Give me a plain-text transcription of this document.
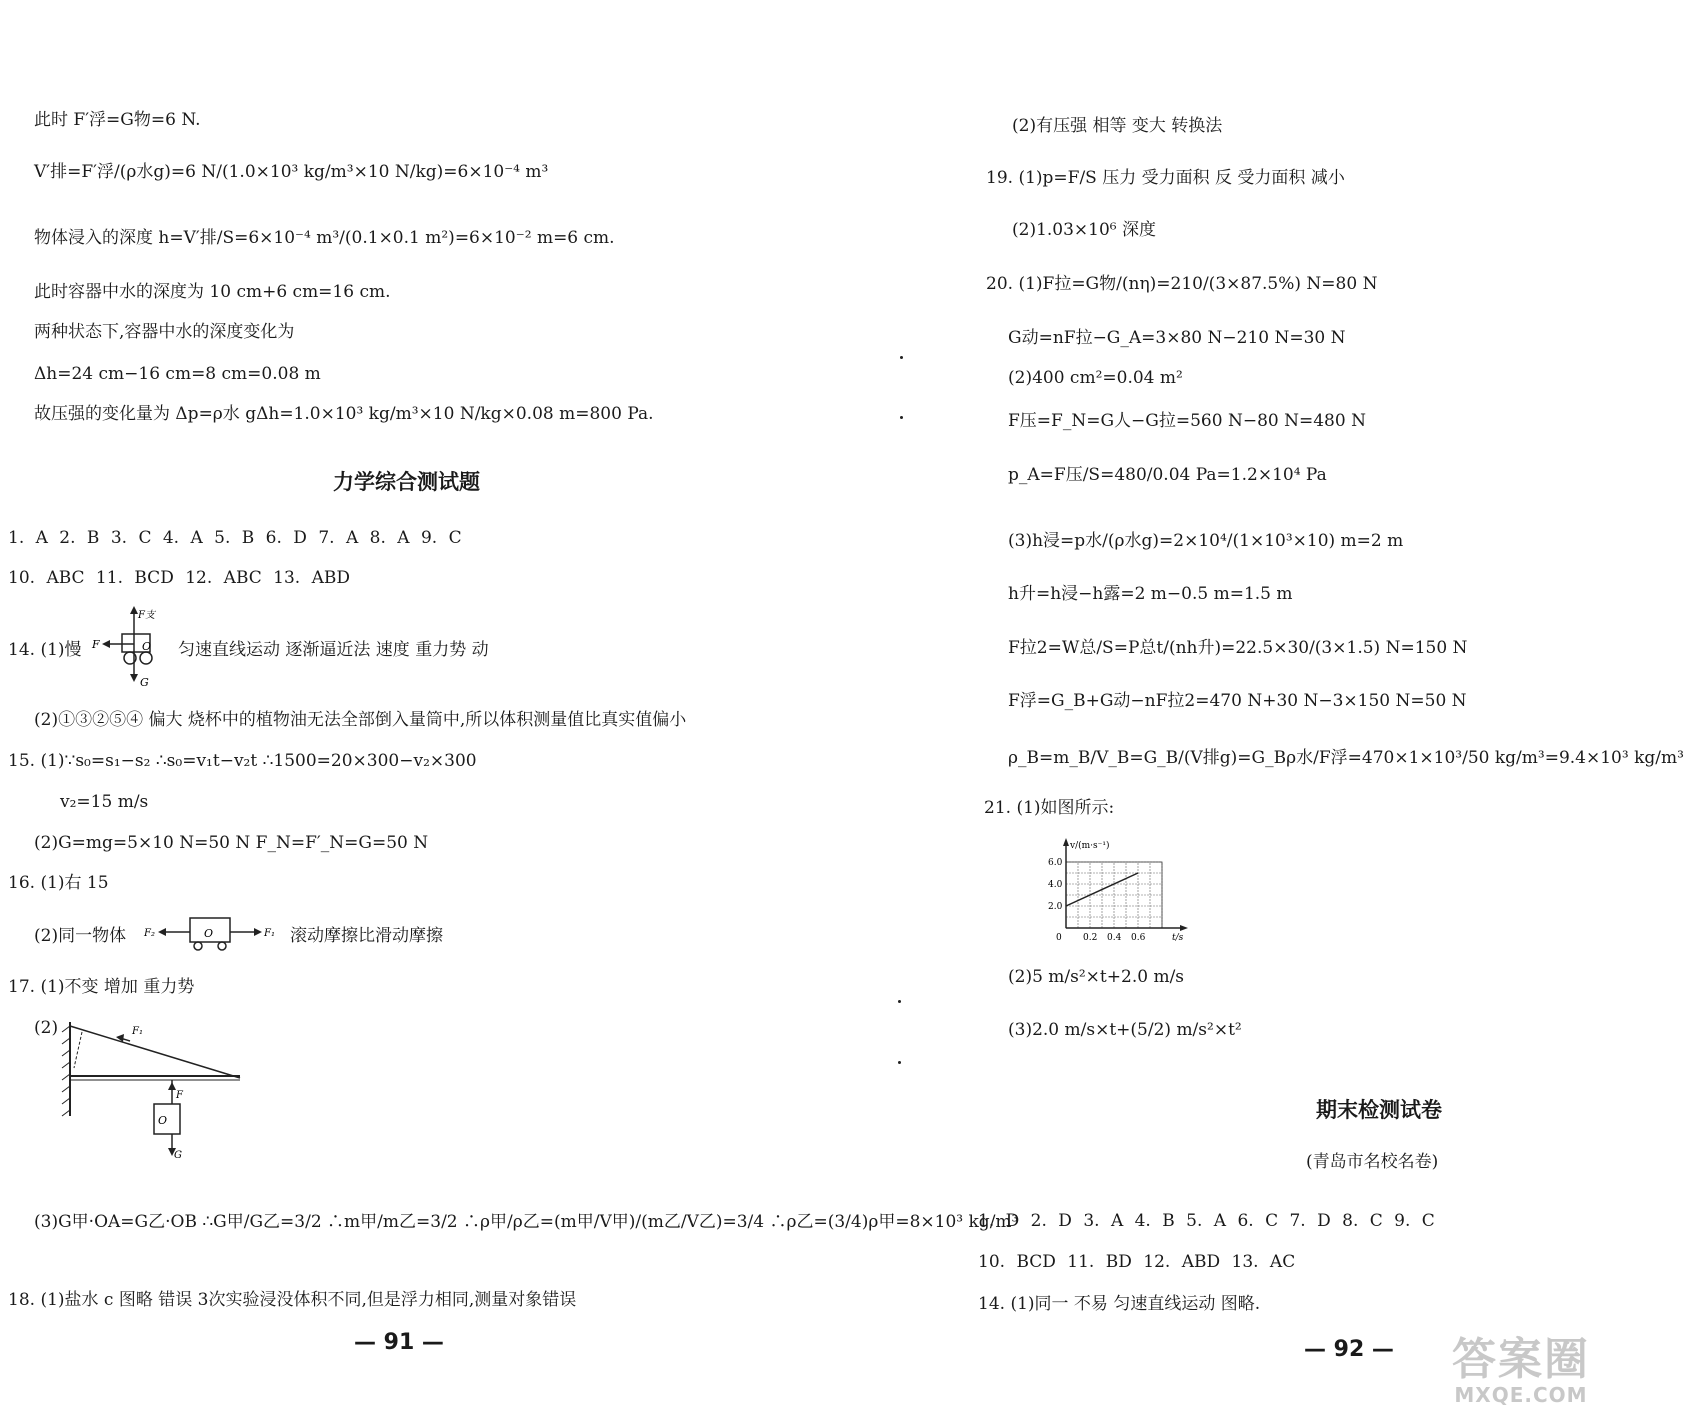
此时 F′浮=G物=6 N.
V′排=F′浮/(ρ水g)=6 N/(1.0×10³ kg/m³×10 N/kg)=6×10⁻⁴ m³
物体浸入的深度 h=V′排/S=6×10⁻⁴ m³/(0.1×0.1 m²)=6×10⁻² m=6 cm.
此时容器中水的深度为 10 cm+6 cm=16 cm.
两种状态下,容器中水的深度变化为
Δh=24 cm−16 cm=8 cm=0.08 m
故压强的变化量为 Δp=ρ水 gΔh=1.0×10³ kg/m³×10 N/kg×0.08 m=800 Pa.
力学综合测试题
1. A 2. B 3. C 4. A 5. B 6. D 7. A 8. A 9. C
10. ABC 11. BCD 12. ABC 13. ABD
14. (1)慢
F支
F	O
G
匀速直线运动 逐渐逼近法 速度 重力势 动
(2)①③②⑤④ 偏大 烧杯中的植物油无法全部倒入量筒中,所以体积测量值比真实值偏小
15. (1)∵s₀=s₁−s₂ ∴s₀=v₁t−v₂t ∴1500=20×300−v₂×300
v₂=15 m/s
(2)G=mg=5×10 N=50 N F_N=F′_N=G=50 N
16. (1)右 15
(2)同一物体 F₂	O	F₁ 滚动摩擦比滑动摩擦
17. (1)不变 增加 重力势
(2)	F₁
F
O
G
(3)G甲·OA=G乙·OB ∴G甲/G乙=3/2 ∴m甲/m乙=3/2 ∴ρ甲/ρ乙=(m甲/V甲)/(m乙/V乙)=3/4 ∴ρ乙=(3/4)ρ甲=8×10³ kg/m³
18. (1)盐水 c 图略 错误 3次实验浸没体积不同,但是浮力相同,测量对象错误
— 91 —
(2)有压强 相等 变大 转换法
19. (1)p=F/S 压力 受力面积 反 受力面积 减小
(2)1.03×10⁶ 深度
20. (1)F拉=G物/(nη)=210/(3×87.5%) N=80 N
G动=nF拉−G_A=3×80 N−210 N=30 N
(2)400 cm²=0.04 m²
F压=F_N=G人−G拉=560 N−80 N=480 N
p_A=F压/S=480/0.04 Pa=1.2×10⁴ Pa
(3)h浸=p水/(ρ水g)=2×10⁴/(1×10³×10) m=2 m
h升=h浸−h露=2 m−0.5 m=1.5 m
F拉2=W总/S=P总t/(nh升)=22.5×30/(3×1.5) N=150 N
F浮=G_B+G动−nF拉2=470 N+30 N−3×150 N=50 N
ρ_B=m_B/V_B=G_B/(V排g)=G_Bρ水/F浮=470×1×10³/50 kg/m³=9.4×10³ kg/m³
21. (1)如图所示:
0 0.2 0.4 0.6
2.0
4.0
6.0
v/(m·s⁻¹)
t/s
(2)5 m/s²×t+2.0 m/s
(3)2.0 m/s×t+(5/2) m/s²×t²
期末检测试卷
(青岛市名校名卷)
1. D 2. D 3. A 4. B 5. A 6. C 7. D 8. C 9. C
10. BCD 11. BD 12. ABD 13. AC
14. (1)同一 不易 匀速直线运动 图略.
— 92 — 答案圈
MXQE.COM
